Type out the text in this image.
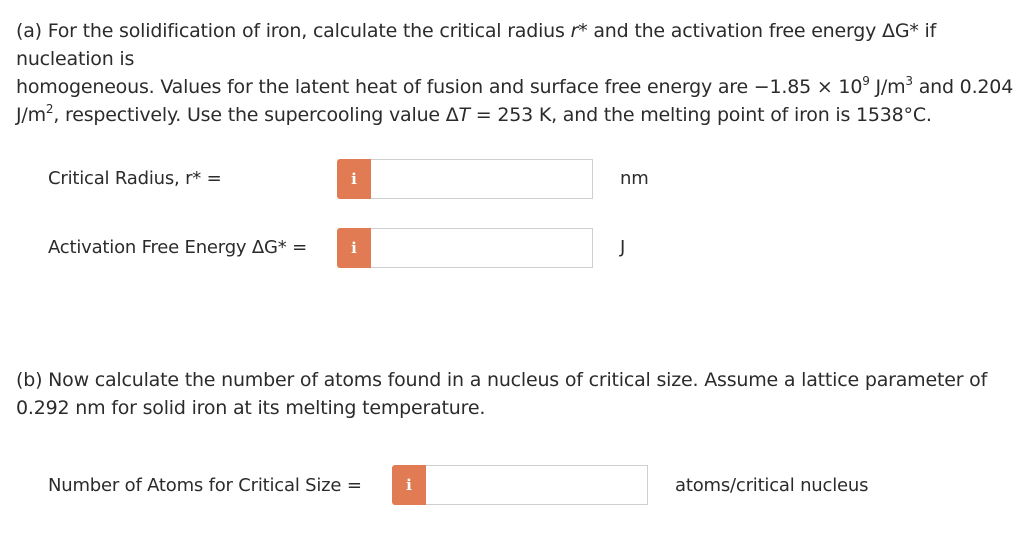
(a) For the solidification of iron, calculate the critical radius r* and the activation free energy ΔG* if nucleation is
homogeneous. Values for the latent heat of fusion and surface free energy are $-1.85 \times 10^9$ $J/m^3$ and 0.204
$J/m^2$, respectively. Use the supercooling value ΔT = 253 K, and the melting point of iron is 1538°C.
Critical Radius, r* =	i	nm
Activation Free Energy ΔG* =	i	J
(b) Now calculate the number of atoms found in a nucleus of critical size. Assume a lattice parameter of 0.292 nm for solid iron at its melting temperature.
Number of Atoms for Critical Size =	i	atoms/critical nucleus
